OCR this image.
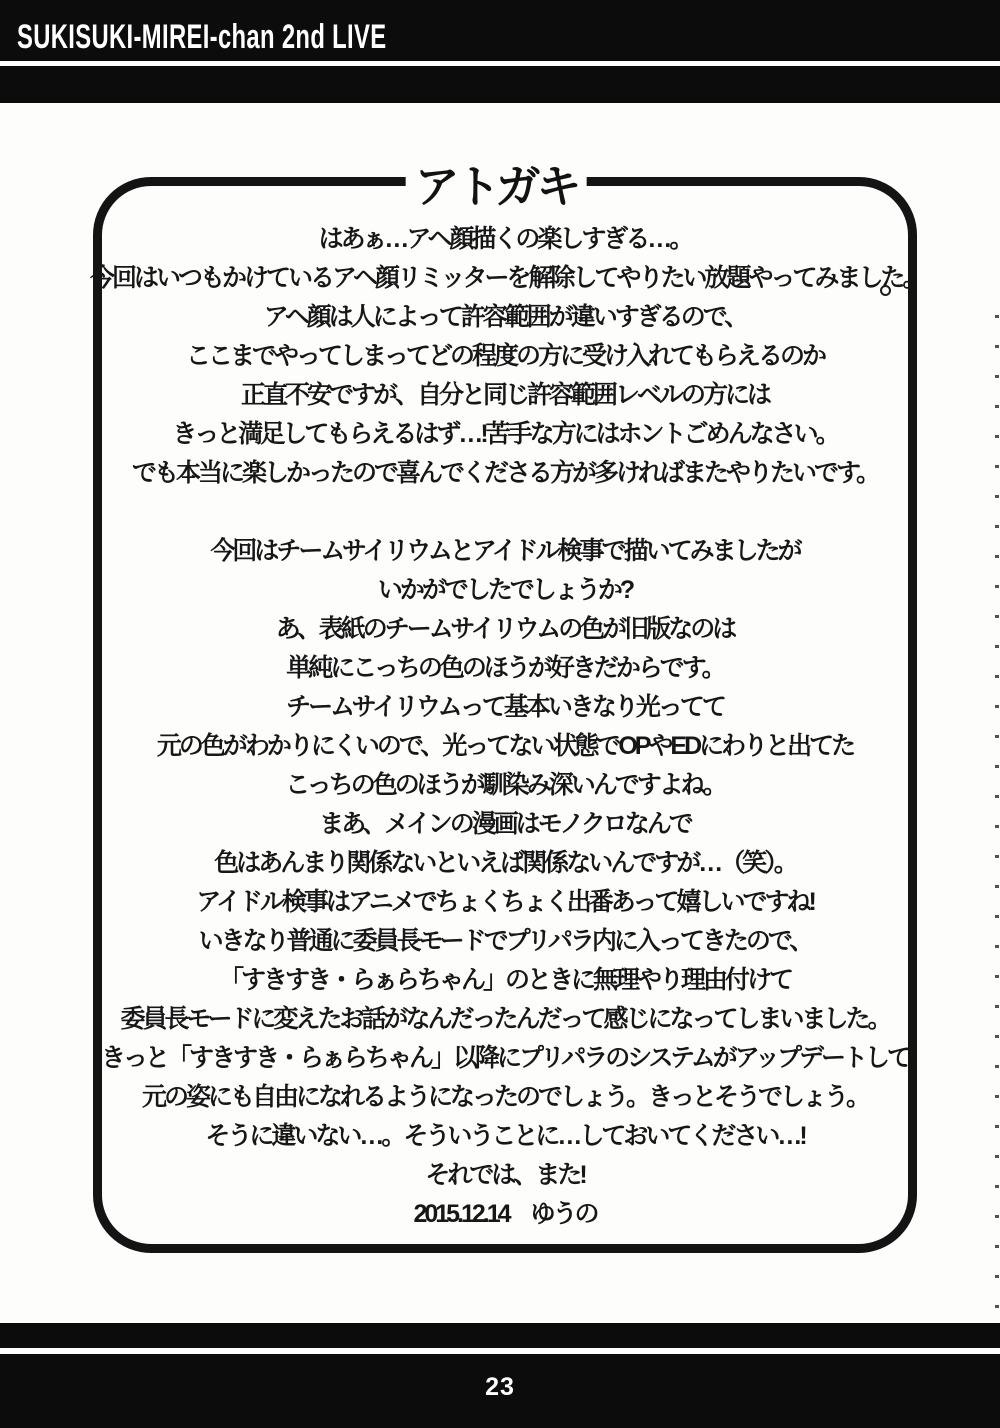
SUKISUKI-MIREI-chan 2nd LIVE
アトガキ
はあぁ…アヘ顔描くの楽しすぎる…。
今回はいつもかけているアヘ顔リミッターを解除してやりたい放題やってみました。
アヘ顔は人によって許容範囲が違いすぎるので、
ここまでやってしまってどの程度の方に受け入れてもらえるのか
正直不安ですが、自分と同じ許容範囲レベルの方には
きっと満足してもらえるはず…!苦手な方にはホントごめんなさい。
でも本当に楽しかったので喜んでくださる方が多ければまたやりたいです。
今回はチームサイリウムとアイドル検事で描いてみましたが
いかがでしたでしょうか?
あ、表紙のチームサイリウムの色が旧版なのは
単純にこっちの色のほうが好きだからです。
チームサイリウムって基本いきなり光ってて
元の色がわかりにくいので、光ってない状態でOPやEDにわりと出てた
こっちの色のほうが馴染み深いんですよね。
まあ、メインの漫画はモノクロなんで
色はあんまり関係ないといえば関係ないんですが…（笑）。
アイドル検事はアニメでちょくちょく出番あって嬉しいですね!
いきなり普通に委員長モードでプリパラ内に入ってきたので、
「すきすき・らぁらちゃん」のときに無理やり理由付けて
委員長モードに変えたお話がなんだったんだって感じになってしまいました。
きっと「すきすき・らぁらちゃん」以降にプリパラのシステムがアップデートして
元の姿にも自由になれるようになったのでしょう。きっとそうでしょう。
そうに違いない…。そういうことに…しておいてください…!
それでは、また!
2015.12.14　ゆうの
23
